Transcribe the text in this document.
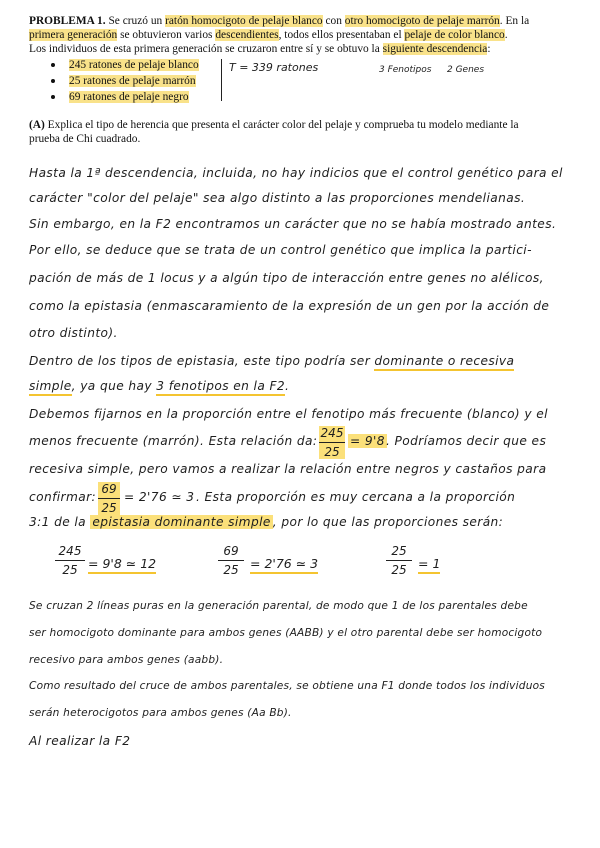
PROBLEMA 1. Se cruzó un ratón homocigoto de pelaje blanco con otro homocigoto de pelaje marrón. En la
primera generación se obtuvieron varios descendientes, todos ellos presentaban el pelaje de color blanco.
Los individuos de esta primera generación se cruzaron entre sí y se obtuvo la siguiente descendencia:
245 ratones de pelaje blanco
25 ratones de pelaje marrón
69 ratones de pelaje negro
T = 339 ratones	3 Fenotipos 2 Genes
(A) Explica el tipo de herencia que presenta el carácter color del pelaje y comprueba tu modelo mediante la
prueba de Chi cuadrado.
Hasta la 1ª descendencia, incluida, no hay indicios que el control genético para el
carácter "color del pelaje" sea algo distinto a las proporciones mendelianas.
Sin embargo, en la F2 encontramos un carácter que no se había mostrado antes.
Por ello, se deduce que se trata de un control genético que implica la partici-
pación de más de 1 locus y a algún tipo de interacción entre genes no alélicos,
como la epistasia (enmascaramiento de la expresión de un gen por la acción de
otro distinto).
Dentro de los tipos de epistasia, este tipo podría ser dominante o recesiva
simple, ya que hay 3 fenotipos en la F2.
Debemos fijarnos en la proporción entre el fenotipo más frecuente (blanco) y el
menos frecuente (marrón). Esta relación da:
245
25
= 9'8 . Podríamos decir que es
recesiva simple, pero vamos a realizar la relación entre negros y castaños para
confirmar:
69
25
= 2'76 ≃ 3 . Esta proporción es muy cercana a la proporción
3:1 de la epistasia dominante simple , por lo que las proporciones serán:
245
25 = 9'8 ≃ 12
69
25 = 2'76 ≃ 3
25
25 = 1
Se cruzan 2 líneas puras en la generación parental, de modo que 1 de los parentales debe
ser homocigoto dominante para ambos genes (AABB) y el otro parental debe ser homocigoto
recesivo para ambos genes (aabb).
Como resultado del cruce de ambos parentales, se obtiene una F1 donde todos los individuos
serán heterocigotos para ambos genes (Aa Bb).
Al realizar la F2
